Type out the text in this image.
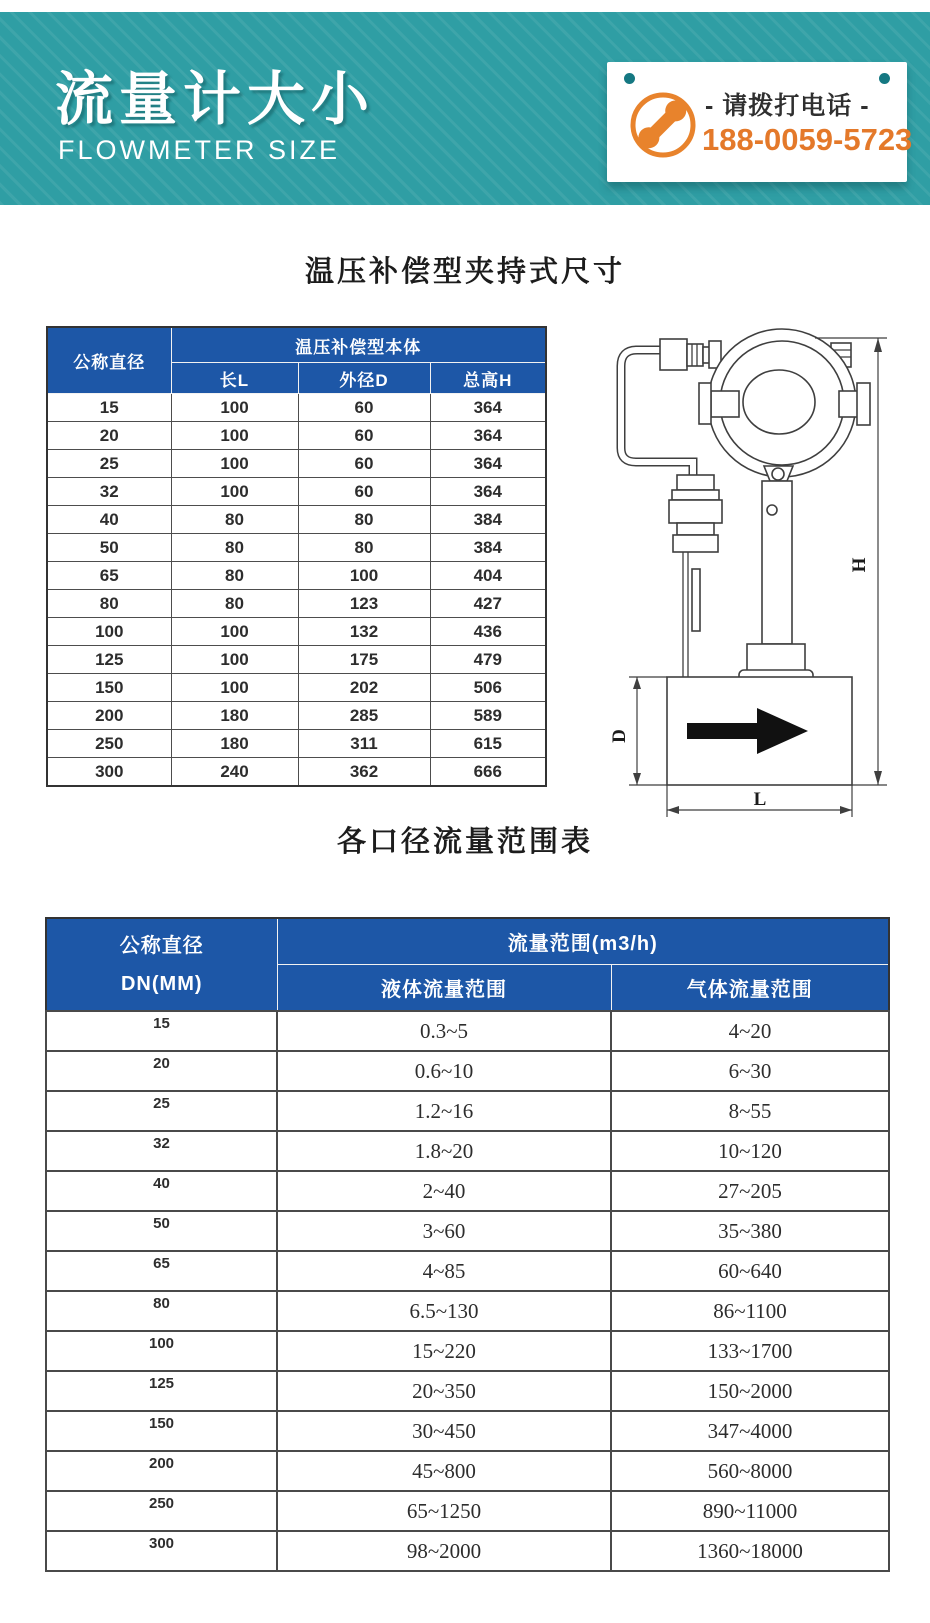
流量计大小
FLOWMETER SIZE
- 请拨打电话 -
188-0059-5723
温压补偿型夹持式尺寸
公称直径	温压补偿型本体		
	长L	外径D	总高H
15	100	60	364
20	100	60	364
25	100	60	364
32	100	60	364
40	80	80	384
50	80	80	384
65	80	100	404
80	80	123	427
100	100	132	436
125	100	175	479
150	100	202	506
200	180	285	589
250	180	311	615
300	240	362	666
D
L
H
各口径流量范围表
公称直径
DN(MM)	流量范围(m3/h)	
	液体流量范围	气体流量范围
15	0.3~5	4~20
20	0.6~10	6~30
25	1.2~16	8~55
32	1.8~20	10~120
40	2~40	27~205
50	3~60	35~380
65	4~85	60~640
80	6.5~130	86~1100
100	15~220	133~1700
125	20~350	150~2000
150	30~450	347~4000
200	45~800	560~8000
250	65~1250	890~11000
300	98~2000	1360~18000
